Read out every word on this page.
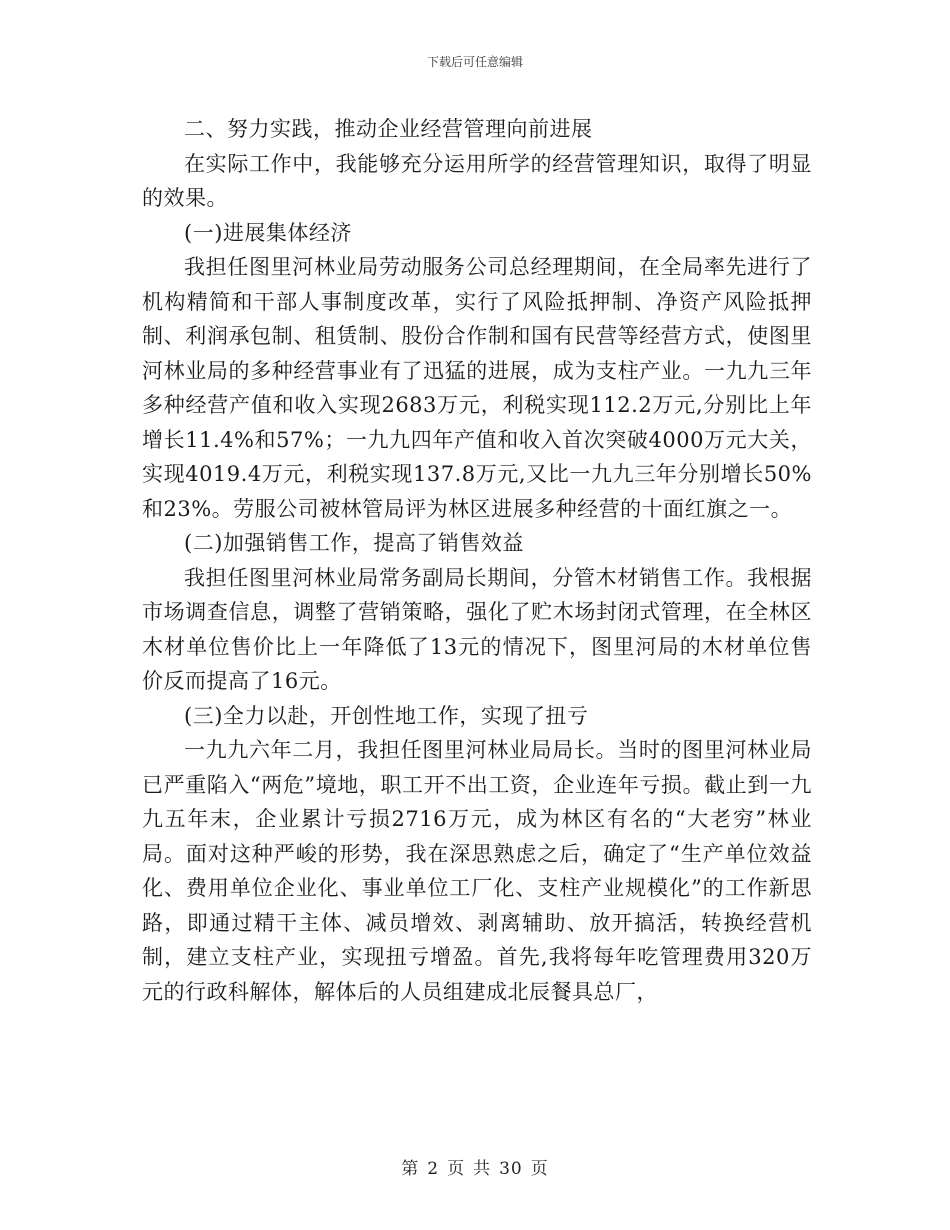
下载后可任意编辑

二、努力实践，推动企业经营管理向前进展

在实际工作中，我能够充分运用所学的经营管理知识，取得了明显的效果。

(一)进展集体经济

我担任图里河林业局劳动服务公司总经理期间，在全局率先进行了机构精简和干部人事制度改革，实行了风险抵押制、净资产风险抵押制、利润承包制、租赁制、股份合作制和国有民营等经营方式，使图里河林业局的多种经营事业有了迅猛的进展，成为支柱产业。一九九三年多种经营产值和收入实现2683万元，利税实现112.2万元,分别比上年增长11.4%和57%；一九九四年产值和收入首次突破4000万元大关，实现4019.4万元，利税实现137.8万元,又比一九九三年分别增长50%和23%。劳服公司被林管局评为林区进展多种经营的十面红旗之一。

(二)加强销售工作，提高了销售效益

我担任图里河林业局常务副局长期间，分管木材销售工作。我根据市场调查信息，调整了营销策略，强化了贮木场封闭式管理，在全林区木材单位售价比上一年降低了13元的情况下，图里河局的木材单位售价反而提高了16元。

(三)全力以赴，开创性地工作，实现了扭亏

一九九六年二月，我担任图里河林业局局长。当时的图里河林业局已严重陷入“两危”境地，职工开不出工资，企业连年亏损。截止到一九九五年末，企业累计亏损2716万元，成为林区有名的“大老穷”林业局。面对这种严峻的形势，我在深思熟虑之后，确定了“生产单位效益化、费用单位企业化、事业单位工厂化、支柱产业规模化”的工作新思路，即通过精干主体、减员增效、剥离辅助、放开搞活，转换经营机制，建立支柱产业，实现扭亏增盈。首先,我将每年吃管理费用320万元的行政科解体，解体后的人员组建成北辰餐具总厂，

第 2 页 共 30 页
